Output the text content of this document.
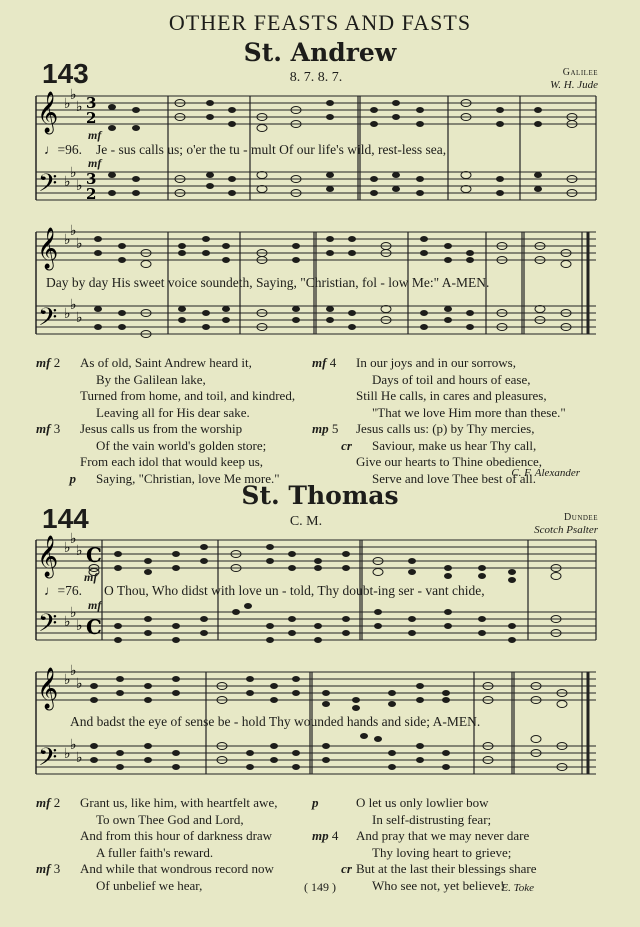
OTHER FEASTS AND FASTS
St. Andrew
143	8. 7. 8. 7.	Galilee
W. H. Jude
𝄞
𝄢
𝄞
𝄢
♭
♭
♭
♭
♭
♭
♭
♭
♭
♭
♭
♭
3
2
3
2
mf
♩=96. Je - sus calls us; o'er the tu - mult Of our life's wild, rest-less sea,
mf
Day by day His sweet voice soundeth, Saying, "Christian, fol - low Me:" A-MEN.
mf 2 As of old, Saint Andrew heard it,
By the Galilean lake,
Turned from home, and toil, and kindred,
Leaving all for His dear sake.
mf 3 Jesus calls us from the worship
Of the vain world's golden store;
From each idol that would keep us,
p Saying, "Christian, love Me more."
mf 4 In our joys and in our sorrows,
Days of toil and hours of ease,
Still He calls, in cares and pleasures,
"That we love Him more than these."
mp 5 Jesus calls us: (p) by Thy mercies,
cr Saviour, make us hear Thy call,
Give our hearts to Thine obedience,
Serve and love Thee best of all.
C. F. Alexander
St. Thomas
144	C. M.	Dundee
Scotch Psalter
𝄞
𝄢
𝄞
𝄢
♭
♭
♭
♭
♭
♭
♭
♭
♭
♭
♭
♭
C
C
mf
♩=76. O Thou, Who didst with love un - told, Thy doubt-ing ser - vant chide,
mf
And badst the eye of sense be - hold Thy wounded hands and side; A-MEN.
mf 2 Grant us, like him, with heartfelt awe,
To own Thee God and Lord,
And from this hour of darkness draw
A fuller faith's reward.
mf 3 And while that wondrous record now
Of unbelief we hear,
p	O let us only lowlier bow
In self-distrusting fear;
mp 4 And pray that we may never dare
Thy loving heart to grieve;
cr But at the last their blessings share
Who see not, yet believe!
E. Toke
( 149 )
